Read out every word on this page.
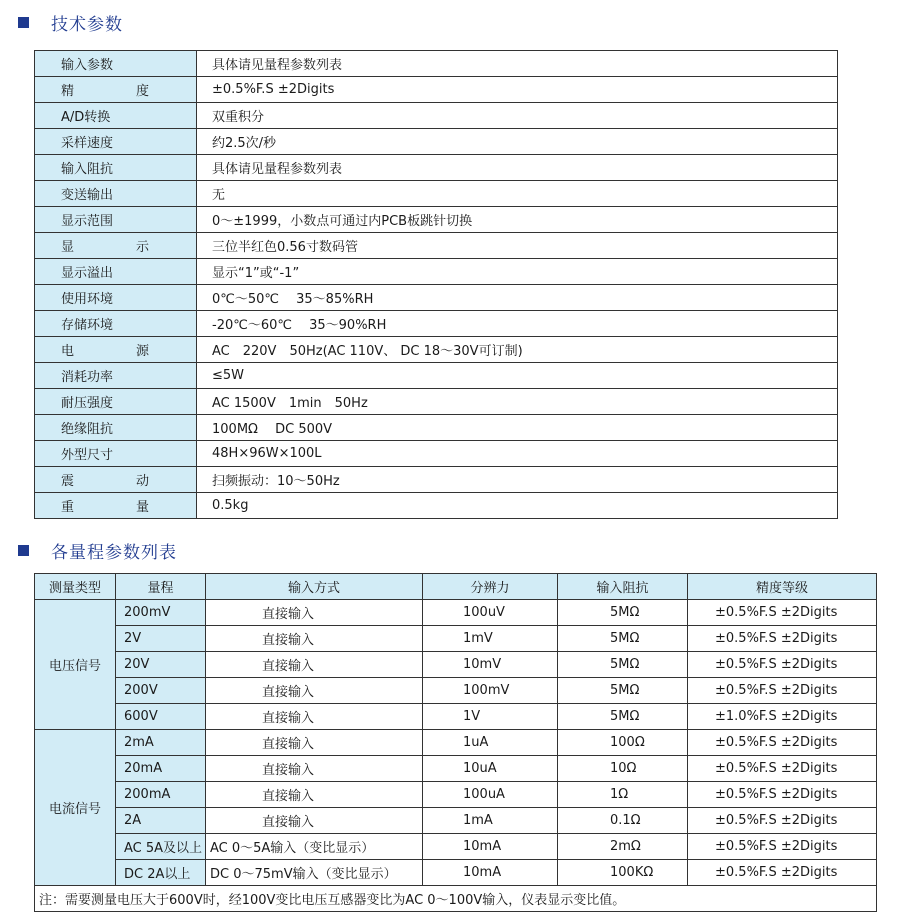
技术参数
输入参数	具体请见量程参数列表
精　　度	±0.5%F.S ±2Digits
A/D转换	双重积分
采样速度	约2.5次/秒
输入阻抗	具体请见量程参数列表
变送输出	无
显示范围	0～±1999，小数点可通过内PCB板跳针切换
显　　示	三位半红色0.56寸数码管
显示溢出	显示“1”或“-1”
使用环境	0℃～50℃　 35～85%RH
存储环境	-20℃～60℃　 35～90%RH
电　　源	AC　220V　50Hz(AC 110V、 DC 18～30V可订制)
消耗功率	≤5W
耐压强度	AC 1500V　1min　50Hz
绝缘阻抗	100MΩ　 DC 500V
外型尺寸	48H×96W×100L
震　　动	扫频振动：10～50Hz
重　　量	0.5kg
各量程参数列表
测量类型	量程	输入方式	分辨力	输入阻抗	精度等级
电压信号	200mV	直接输入	100uV	5MΩ	±0.5%F.S ±2Digits
	2V	直接输入	1mV	5MΩ	±0.5%F.S ±2Digits
	20V	直接输入	10mV	5MΩ	±0.5%F.S ±2Digits
	200V	直接输入	100mV	5MΩ	±0.5%F.S ±2Digits
	600V	直接输入	1V	5MΩ	±1.0%F.S ±2Digits
电流信号	2mA	直接输入	1uA	100Ω	±0.5%F.S ±2Digits
	20mA	直接输入	10uA	10Ω	±0.5%F.S ±2Digits
	200mA	直接输入	100uA	1Ω	±0.5%F.S ±2Digits
	2A	直接输入	1mA	0.1Ω	±0.5%F.S ±2Digits
	AC 5A及以上	AC 0～5A输入（变比显示）	10mA	2mΩ	±0.5%F.S ±2Digits
	DC 2A以上	DC 0～75mV输入（变比显示）	10mA	100KΩ	±0.5%F.S ±2Digits
注：需要测量电压大于600V时，经100V变比电压互感器变比为AC 0～100V输入，仪表显示变比值。					
